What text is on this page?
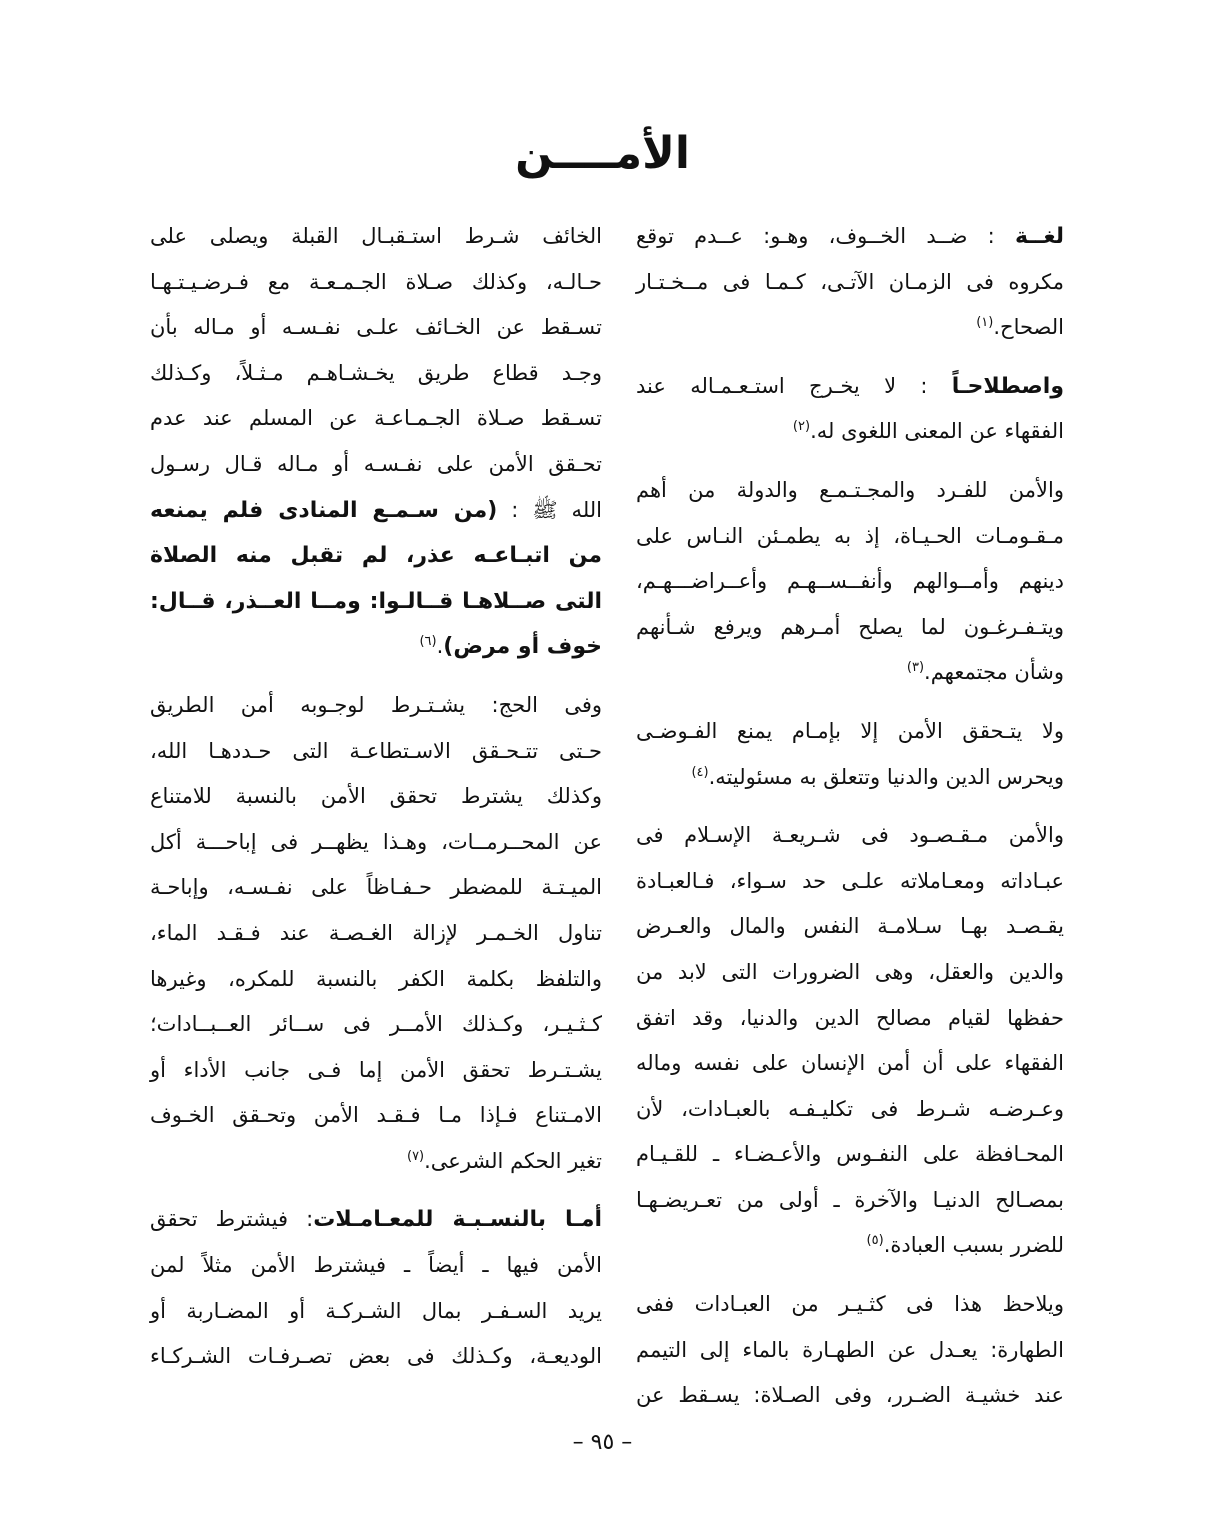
الأمــــن
لغــة : ضــد الخــوف، وهـو: عــدم توقع
مكروه فى الزمـان الآتـى، كـمـا فى مــخـتـار
الصحاح.$^{(١)}$
واصطلاحـاً : لا يخـرج استـعـمـاله عند
الفقهاء عن المعنى اللغوى له.$^{(٢)}$
والأمن للفـرد والمجـتـمـع والدولة من أهم
مـقـومـات الحـيـاة، إذ به يطمـئن النـاس على
دينهم وأمــوالهم وأنفــســهـم وأعــراضـــهـم،
ويتـفـرغـون لما يصلح أمـرهم ويرفع شـأنهم
وشأن مجتمعهم.$^{(٣)}$
ولا يتـحقق الأمن إلا بإمـام يمنع الفـوضـى
ويحرس الدين والدنيا وتتعلق به مسئوليته.$^{(٤)}$
والأمن مـقـصـود فى شـريعـة الإسـلام فى
عبـاداته ومعـاملاته علـى حد سـواء، فـالعبـادة
يقـصـد بهـا سـلامـة النفس والمال والعـرض
والدين والعقل، وهى الضرورات التى لابد من
حفظها لقيام مصالح الدين والدنيا، وقد اتفق
الفقهاء على أن أمن الإنسان على نفسه وماله
وعـرضـه شـرط فى تكليـفـه بالعبـادات، لأن
المحـافظة على النفـوس والأعـضـاء ـ للقـيـام
بمصـالح الدنيـا والآخرة ـ أولى من تعـريضـهـا
للضرر بسبب العبادة.$^{(٥)}$
ويلاحظ هذا فى كثـيـر من العبـادات ففى
الطهارة: يعـدل عن الطهـارة بالماء إلى التيمم
عند خشيـة الضـرر، وفى الصـلاة: يسـقط عن
الخائف شـرط استـقبـال القبلة ويصلى على
حـالـه، وكذلك صـلاة الجـمـعـة مع فـرضـيـتـهـا
تسـقط عن الخـائف علـى نفـسـه أو مـاله بأن
وجـد قطاع طريق يخـشـاهـم مـثـلاً، وكـذلك
تسـقط صـلاة الجـمـاعـة عن المسلم عند عدم
تحـقق الأمن على نفـسـه أو مـاله قـال رسـول
الله ﷺ : (من سـمـع المنادى فلم يمنعه
من اتبـاعـه عذر، لم تقبل منه الصلاة
التى صــلاهـا قــالـوا: ومــا العــذر، قــال:
خوف أو مرض).$^{(٦)}$
وفى الحج: يشـتـرط لوجـوبه أمن الطريق
حـتى تتـحـقق الاسـتطاعـة التى حـددهـا الله،
وكذلك يشترط تحقق الأمن بالنسبة للامتناع
عن المحــرمــات، وهـذا يظهــر فى إباحـــة أكل
الميـتـة للمضطر حـفـاظاً على نفـسـه، وإباحـة
تناول الخـمـر لإزالة الغـصـة عند فـقـد الماء،
والتلفظ بكلمة الكفر بالنسبة للمكره، وغيرها
كـثـيـر، وكـذلك الأمــر فى ســائر العــبــادات؛
يشـتـرط تحقق الأمن إما فـى جانب الأداء أو
الامـتناع فـإذا مـا فـقـد الأمن وتحـقق الخـوف
تغير الحكم الشرعى.$^{(٧)}$
أمـا بالنسـبـة للمعـامـلات: فيشترط تحقق
الأمن فيها ـ أيضاً ـ فيشترط الأمن مثلاً لمن
يريد السـفـر بمال الشـركـة أو المضـاربة أو
الوديعـة، وكـذلك فى بعض تصـرفـات الشـركـاء
– ٩٥ –
